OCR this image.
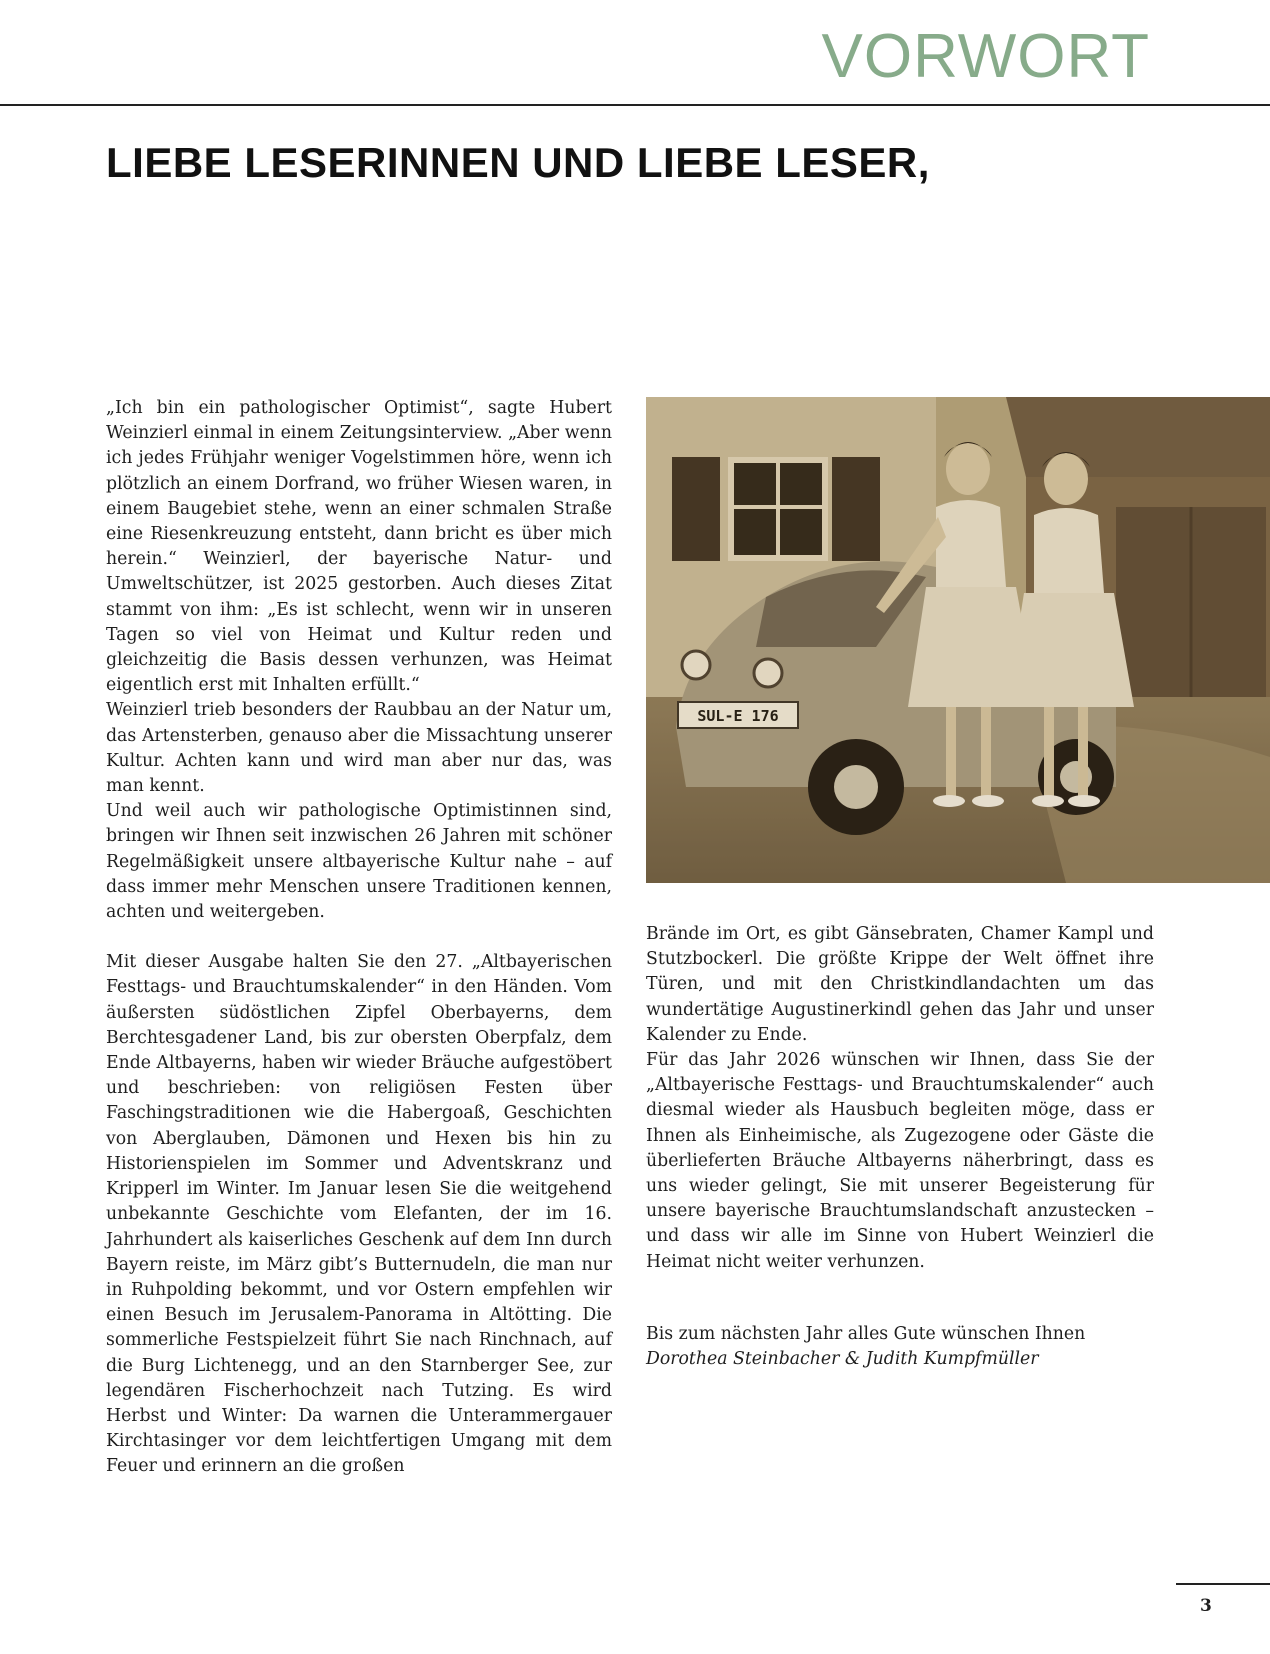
VORWORT
LIEBE LESERINNEN UND LIEBE LESER,

„Ich bin ein pathologischer Optimist“, sagte Hubert Weinzierl einmal in einem Zeitungsinterview. „Aber wenn ich jedes Frühjahr weniger Vogelstimmen höre, wenn ich plötzlich an einem Dorfrand, wo früher Wiesen waren, in einem Baugebiet stehe, wenn an einer schmalen Straße eine Riesenkreuzung entsteht, dann bricht es über mich herein.“ Weinzierl, der bayerische Natur- und Umweltschützer, ist 2025 gestorben. Auch dieses Zitat stammt von ihm: „Es ist schlecht, wenn wir in unseren Tagen so viel von Heimat und Kultur reden und gleichzeitig die Basis dessen verhunzen, was Heimat eigentlich erst mit Inhalten erfüllt.“

Weinzierl trieb besonders der Raubbau an der Natur um, das Artensterben, genauso aber die Missachtung unserer Kultur. Achten kann und wird man aber nur das, was man kennt.

Und weil auch wir pathologische Optimistinnen sind, bringen wir Ihnen seit inzwischen 26 Jahren mit schöner Regelmäßigkeit unsere altbayerische Kultur nahe – auf dass immer mehr Menschen unsere Traditionen kennen, achten und weitergeben.

Mit dieser Ausgabe halten Sie den 27. „Altbayerischen Festtags- und Brauchtumskalender“ in den Händen. Vom äußersten südöstlichen Zipfel Oberbayerns, dem Berchtesgadener Land, bis zur obersten Oberpfalz, dem Ende Altbayerns, haben wir wieder Bräuche aufgestöbert und beschrieben: von religiösen Festen über Faschingstraditionen wie die Habergoaß, Geschichten von Aberglauben, Dämonen und Hexen bis hin zu Historienspielen im Sommer und Adventskranz und Kripperl im Winter. Im Januar lesen Sie die weitgehend unbekannte Geschichte vom Elefanten, der im 16. Jahrhundert als kaiserliches Geschenk auf dem Inn durch Bayern reiste, im März gibt’s Butternudeln, die man nur in Ruhpolding bekommt, und vor Ostern empfehlen wir einen Besuch im Jerusalem-Panorama in Altötting. Die sommerliche Festspielzeit führt Sie nach Rinchnach, auf die Burg Lichtenegg, und an den Starnberger See, zur legendären Fischerhochzeit nach Tutzing. Es wird Herbst und Winter: Da warnen die Unterammergauer Kirchtasinger vor dem leichtfertigen Umgang mit dem Feuer und erinnern an die großen

SUL-E 176

Brände im Ort, es gibt Gänsebraten, Chamer Kampl und Stutzbockerl. Die größte Krippe der Welt öffnet ihre Türen, und mit den Christkindlandachten um das wundertätige Augustinerkindl gehen das Jahr und unser Kalender zu Ende.

Für das Jahr 2026 wünschen wir Ihnen, dass Sie der „Altbayerische Festtags- und Brauchtumskalender“ auch diesmal wieder als Hausbuch begleiten möge, dass er Ihnen als Einheimische, als Zugezogene oder Gäste die überlieferten Bräuche Altbayerns näherbringt, dass es uns wieder gelingt, Sie mit unserer Begeisterung für unsere bayerische Brauchtumslandschaft anzustecken – und dass wir alle im Sinne von Hubert Weinzierl die Heimat nicht weiter verhunzen.

Bis zum nächsten Jahr alles Gute wünschen Ihnen

Dorothea Steinbacher & Judith Kumpfmüller

3
